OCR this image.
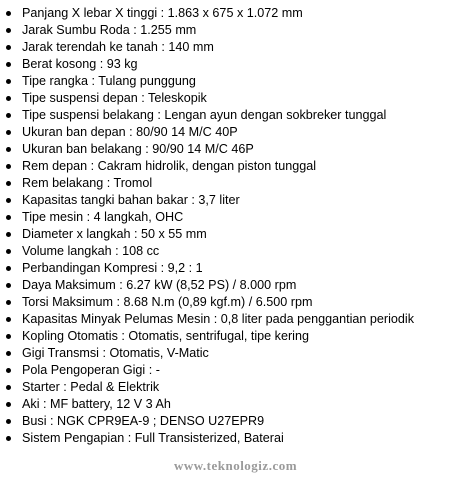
Panjang X lebar X tinggi : 1.863 x 675 x 1.072 mm
Jarak Sumbu Roda : 1.255 mm
Jarak terendah ke tanah : 140 mm
Berat kosong : 93 kg
Tipe rangka : Tulang punggung
Tipe suspensi depan : Teleskopik
Tipe suspensi belakang : Lengan ayun dengan sokbreker tunggal
Ukuran ban depan : 80/90 14 M/C 40P
Ukuran ban belakang : 90/90 14 M/C 46P
Rem depan : Cakram hidrolik, dengan piston tunggal
Rem belakang : Tromol
Kapasitas tangki bahan bakar : 3,7 liter
Tipe mesin : 4 langkah, OHC
Diameter x langkah : 50 x 55 mm
Volume langkah : 108 cc
Perbandingan Kompresi : 9,2 : 1
Daya Maksimum : 6.27 kW (8,52 PS) / 8.000 rpm
Torsi Maksimum : 8.68 N.m (0,89 kgf.m) / 6.500 rpm
Kapasitas Minyak Pelumas Mesin : 0,8 liter pada penggantian periodik
Kopling Otomatis : Otomatis, sentrifugal, tipe kering
Gigi Transmsi : Otomatis, V-Matic
Pola Pengoperan Gigi : -
Starter : Pedal & Elektrik
Aki : MF battery, 12 V 3 Ah
Busi : NGK CPR9EA-9 ; DENSO U27EPR9
Sistem Pengapian : Full Transisterized, Baterai
www.teknologiz.com
